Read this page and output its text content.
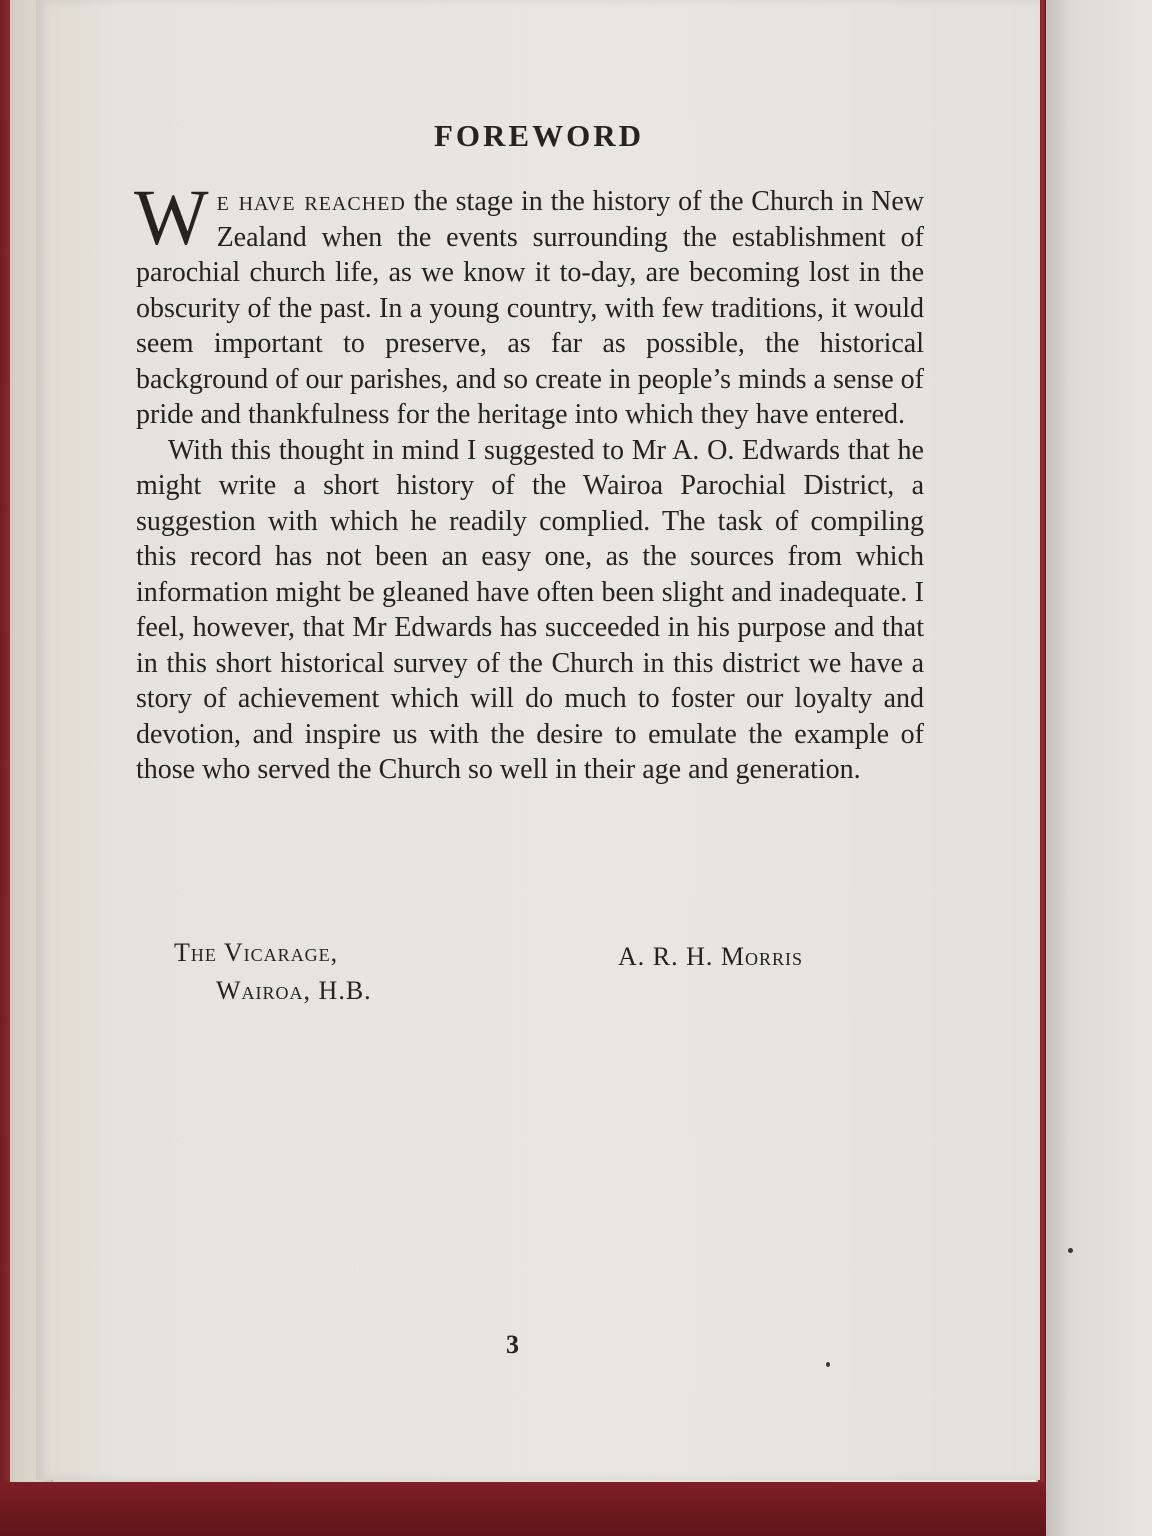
FOREWORD

We have reached the stage in the history of the Church in New Zealand when the events surrounding the establishment of parochial church life, as we know it to-day, are becoming lost in the obscurity of the past. In a young country, with few traditions, it would seem important to preserve, as far as possible, the historical background of our parishes, and so create in people’s minds a sense of pride and thankfulness for the heritage into which they have entered.

With this thought in mind I suggested to Mr A. O. Edwards that he might write a short history of the Wairoa Parochial District, a suggestion with which he readily complied. The task of compiling this record has not been an easy one, as the sources from which information might be gleaned have often been slight and inadequate. I feel, however, that Mr Edwards has succeeded in his purpose and that in this short historical survey of the Church in this district we have a story of achievement which will do much to foster our loyalty and devotion, and inspire us with the desire to emulate the example of those who served the Church so well in their age and generation.

The Vicarage,
Wairoa, H.B.
A. R. H. Morris
3
